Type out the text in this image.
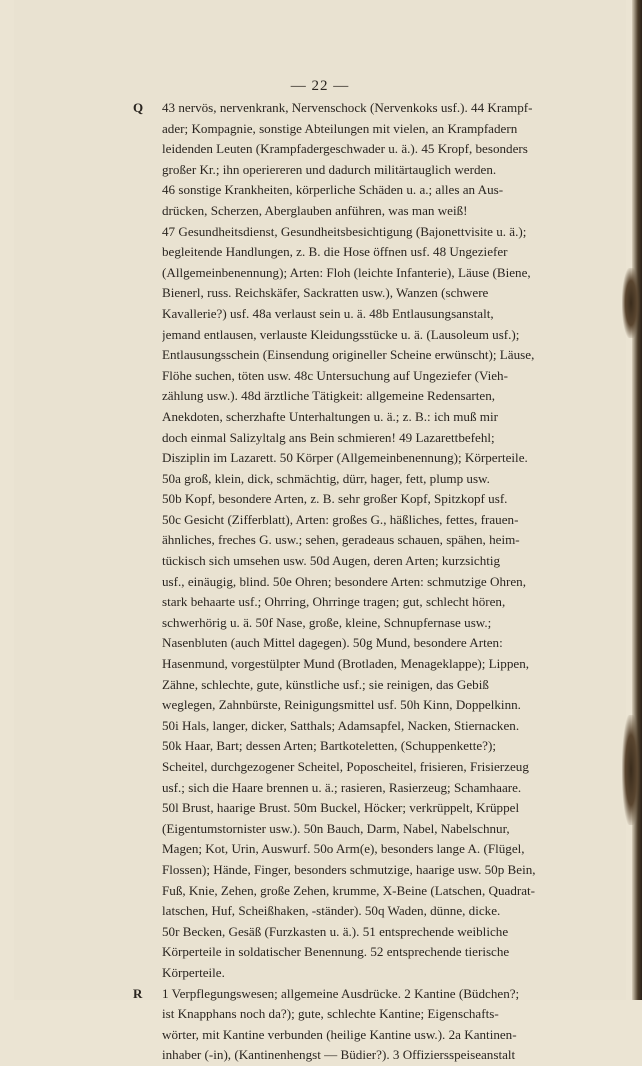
— 22 —
Q 43 nervös, nervenkrank, Nervenschock (Nervenkoks usf.). 44 Krampf-
ader; Kompagnie, sonstige Abteilungen mit vielen, an Krampfadern
leidenden Leuten (Krampfadergeschwader u. ä.). 45 Kropf, besonders
großer Kr.; ihn operiereren und dadurch militärtauglich werden.
46 sonstige Krankheiten, körperliche Schäden u. a.; alles an Aus-
drücken, Scherzen, Aberglauben anführen, was man weiß!
47 Gesundheitsdienst, Gesundheitsbesichtigung (Bajonettvisite u. ä.);
begleitende Handlungen, z. B. die Hose öffnen usf. 48 Ungeziefer
(Allgemeinbenennung); Arten: Floh (leichte Infanterie), Läuse (Biene,
Bienerl, russ. Reichskäfer, Sackratten usw.), Wanzen (schwere
Kavallerie?) usf. 48a verlaust sein u. ä. 48b Entlausungsanstalt,
jemand entlausen, verlauste Kleidungsstücke u. ä. (Lausoleum usf.);
Entlausungsschein (Einsendung origineller Scheine erwünscht); Läuse,
Flöhe suchen, töten usw. 48c Untersuchung auf Ungeziefer (Vieh-
zählung usw.). 48d ärztliche Tätigkeit: allgemeine Redensarten,
Anekdoten, scherzhafte Unterhaltungen u. ä.; z. B.: ich muß mir
doch einmal Salizyltalg ans Bein schmieren! 49 Lazarettbefehl;
Disziplin im Lazarett. 50 Körper (Allgemeinbenennung); Körperteile.
50a groß, klein, dick, schmächtig, dürr, hager, fett, plump usw.
50b Kopf, besondere Arten, z. B. sehr großer Kopf, Spitzkopf usf.
50c Gesicht (Zifferblatt), Arten: großes G., häßliches, fettes, frauen-
ähnliches, freches G. usw.; sehen, geradeaus schauen, spähen, heim-
tückisch sich umsehen usw. 50d Augen, deren Arten; kurzsichtig
usf., einäugig, blind. 50e Ohren; besondere Arten: schmutzige Ohren,
stark behaarte usf.; Ohrring, Ohrringe tragen; gut, schlecht hören,
schwerhörig u. ä. 50f Nase, große, kleine, Schnupfernase usw.;
Nasenbluten (auch Mittel dagegen). 50g Mund, besondere Arten:
Hasenmund, vorgestülpter Mund (Brotladen, Menageklappe); Lippen,
Zähne, schlechte, gute, künstliche usf.; sie reinigen, das Gebiß
weglegen, Zahnbürste, Reinigungsmittel usf. 50h Kinn, Doppelkinn.
50i Hals, langer, dicker, Satthals; Adamsapfel, Nacken, Stiernacken.
50k Haar, Bart; dessen Arten; Bartkoteletten, (Schuppenkette?);
Scheitel, durchgezogener Scheitel, Poposcheitel, frisieren, Frisierzeug
usf.; sich die Haare brennen u. ä.; rasieren, Rasierzeug; Schamhaare.
50l Brust, haarige Brust. 50m Buckel, Höcker; verkrüppelt, Krüppel
(Eigentumstornister usw.). 50n Bauch, Darm, Nabel, Nabelschnur,
Magen; Kot, Urin, Auswurf. 50o Arm(e), besonders lange A. (Flügel,
Flossen); Hände, Finger, besonders schmutzige, haarige usw. 50p Bein,
Fuß, Knie, Zehen, große Zehen, krumme, X-Beine (Latschen, Quadrat-
latschen, Huf, Scheißhaken, -ständer). 50q Waden, dünne, dicke.
50r Becken, Gesäß (Furzkasten u. ä.). 51 entsprechende weibliche
Körperteile in soldatischer Benennung. 52 entsprechende tierische
Körperteile.
R 1 Verpflegungswesen; allgemeine Ausdrücke. 2 Kantine (Büdchen?;
ist Knapphans noch da?); gute, schlechte Kantine; Eigenschafts-
wörter, mit Kantine verbunden (heilige Kantine usw.). 2a Kantinen-
inhaber (-in), (Kantinenhengst — Büdier?). 3 Offiziersspeiseanstalt
